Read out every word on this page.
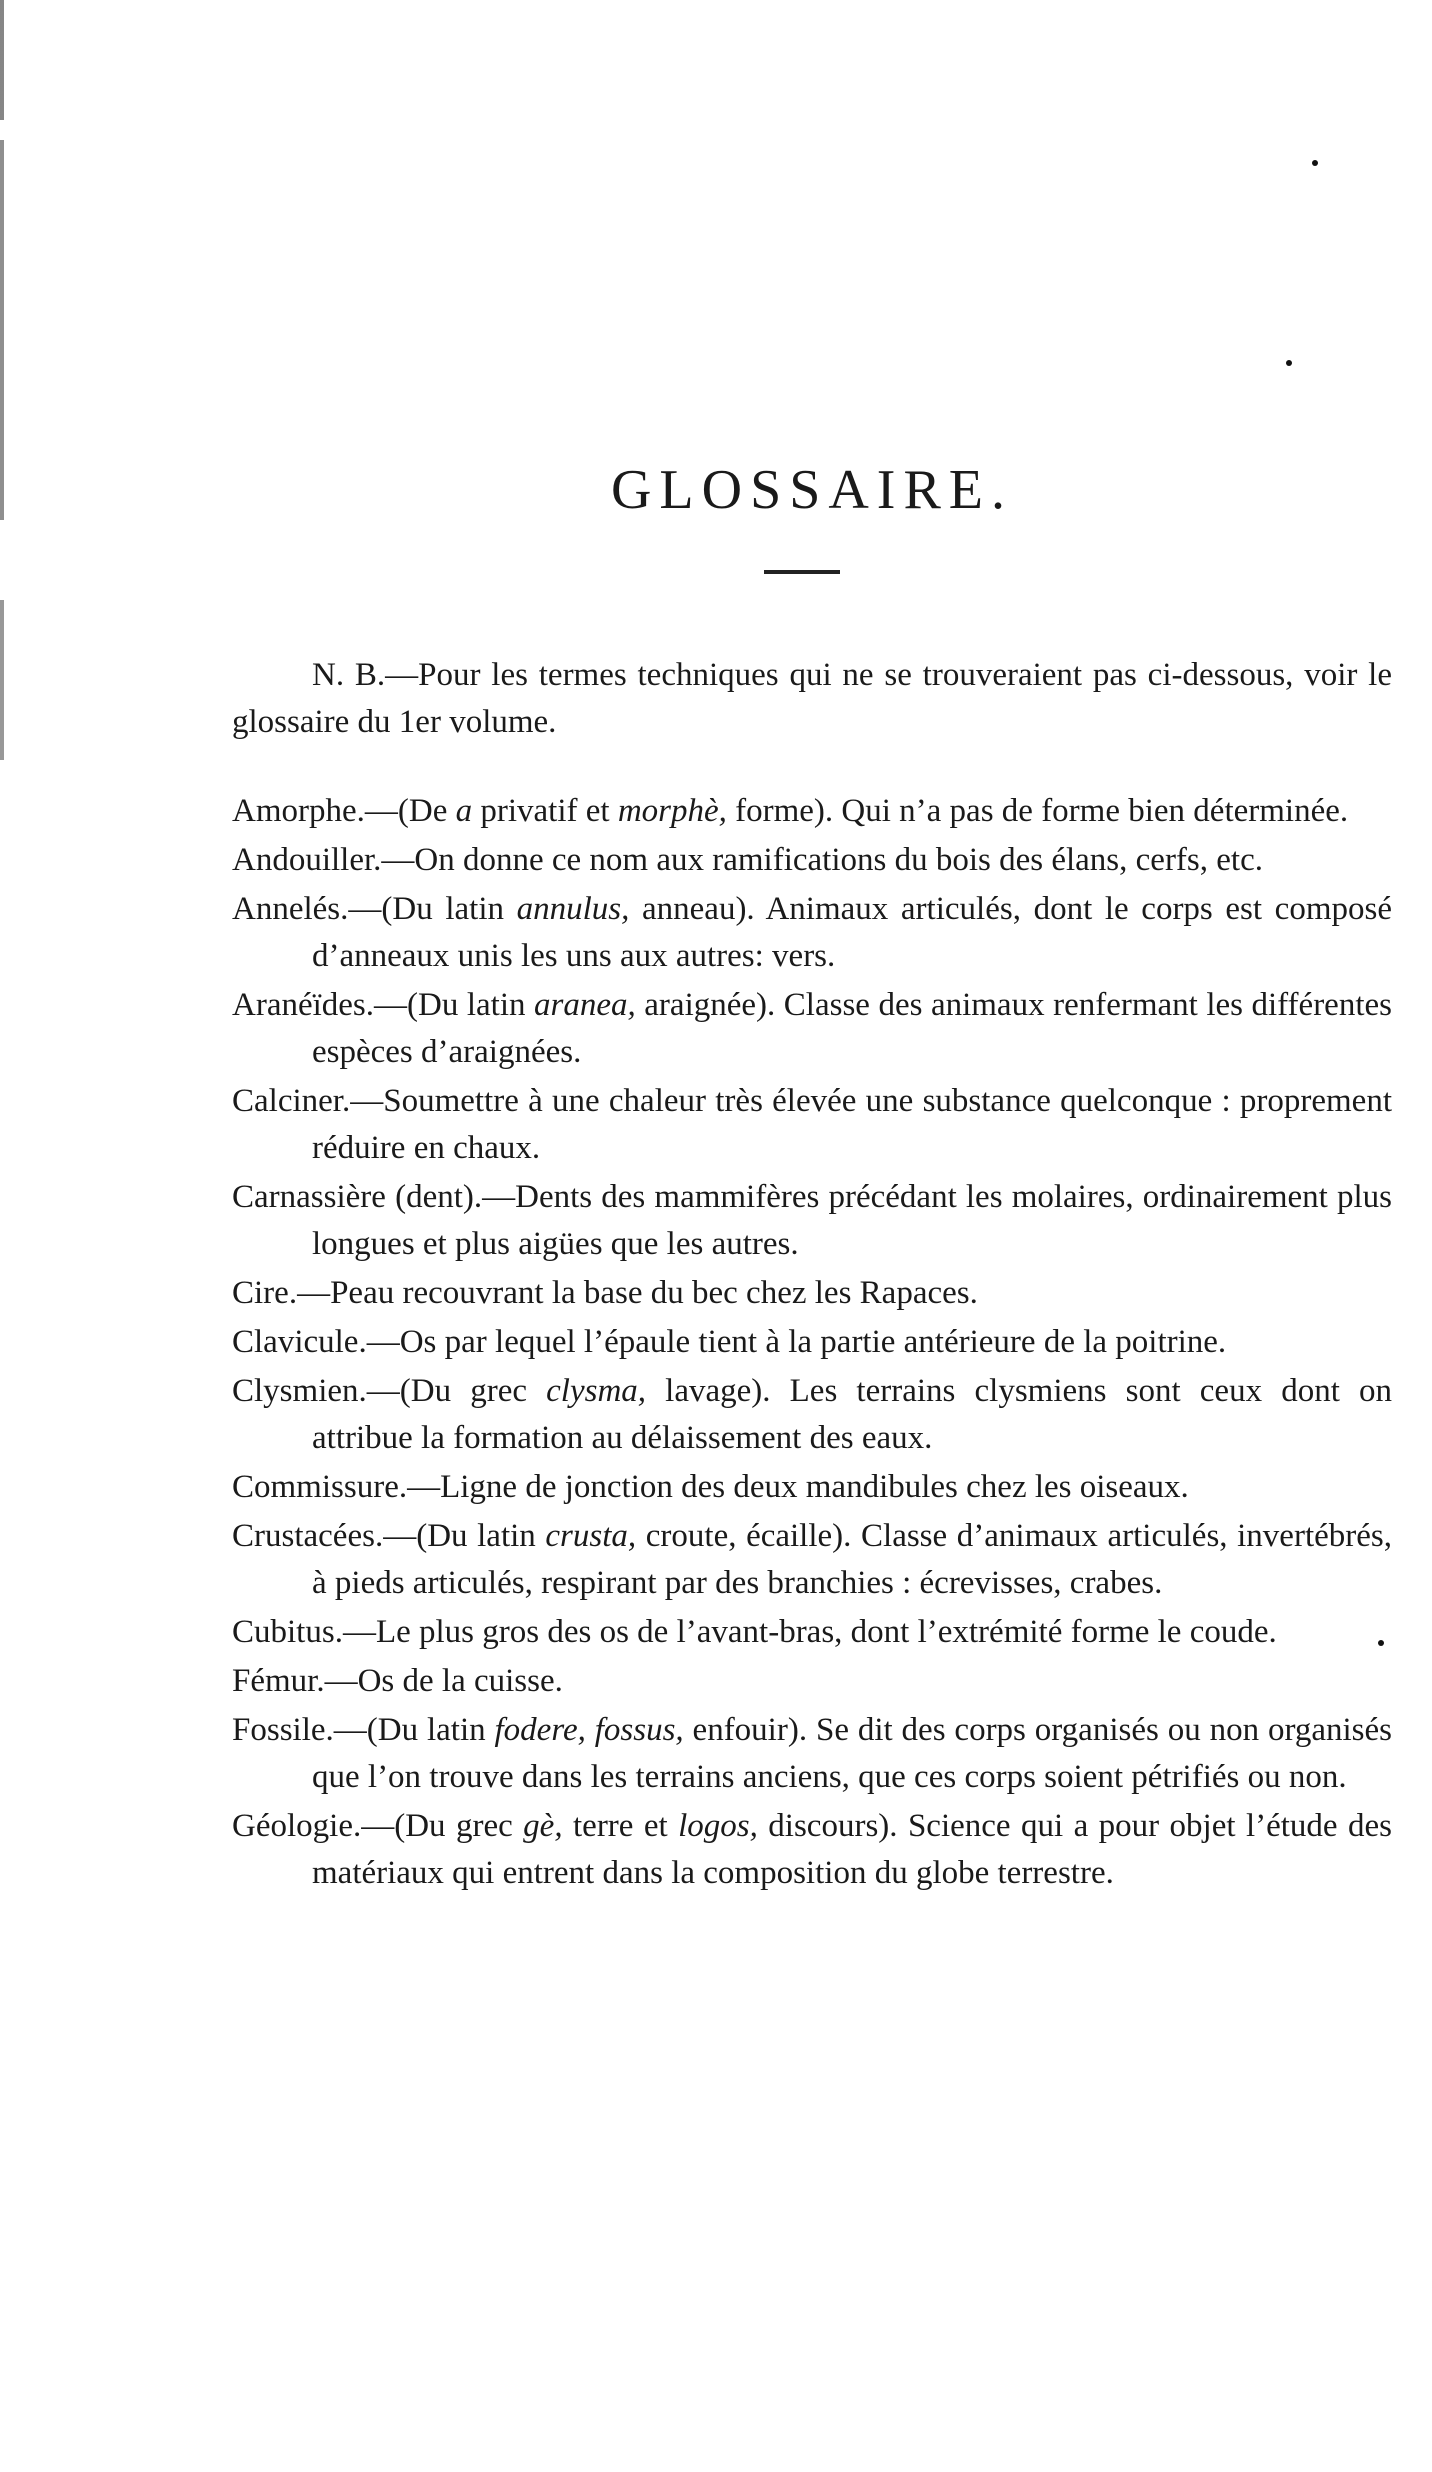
GLOSSAIRE.

N. B.—Pour les termes techniques qui ne se trouveraient pas ci-dessous, voir le glossaire du 1er volume.

Amorphe.—(De a privatif et morphè, forme). Qui n’a pas de forme bien déterminée.

Andouiller.—On donne ce nom aux ramifications du bois des élans, cerfs, etc.

Annelés.—(Du latin annulus, anneau). Animaux articulés, dont le corps est composé d’anneaux unis les uns aux autres: vers.

Aranéïdes.—(Du latin aranea, araignée). Classe des animaux renfermant les différentes espèces d’araignées.

Calciner.—Soumettre à une chaleur très élevée une substance quelconque : proprement réduire en chaux.

Carnassière (dent).—Dents des mammifères précédant les molaires, ordinairement plus longues et plus aigües que les autres.

Cire.—Peau recouvrant la base du bec chez les Rapaces.

Clavicule.—Os par lequel l’épaule tient à la partie antérieure de la poitrine.

Clysmien.—(Du grec clysma, lavage). Les terrains clysmiens sont ceux dont on attribue la formation au délaissement des eaux.

Commissure.—Ligne de jonction des deux mandibules chez les oiseaux.

Crustacées.—(Du latin crusta, croute, écaille). Classe d’animaux articulés, invertébrés, à pieds articulés, respirant par des branchies : écrevisses, crabes.

Cubitus.—Le plus gros des os de l’avant-bras, dont l’extrémité forme le coude.

Fémur.—Os de la cuisse.

Fossile.—(Du latin fodere, fossus, enfouir). Se dit des corps organisés ou non organisés que l’on trouve dans les terrains anciens, que ces corps soient pétrifiés ou non.

Géologie.—(Du grec gè, terre et logos, discours). Science qui a pour objet l’étude des matériaux qui entrent dans la composition du globe terrestre.
